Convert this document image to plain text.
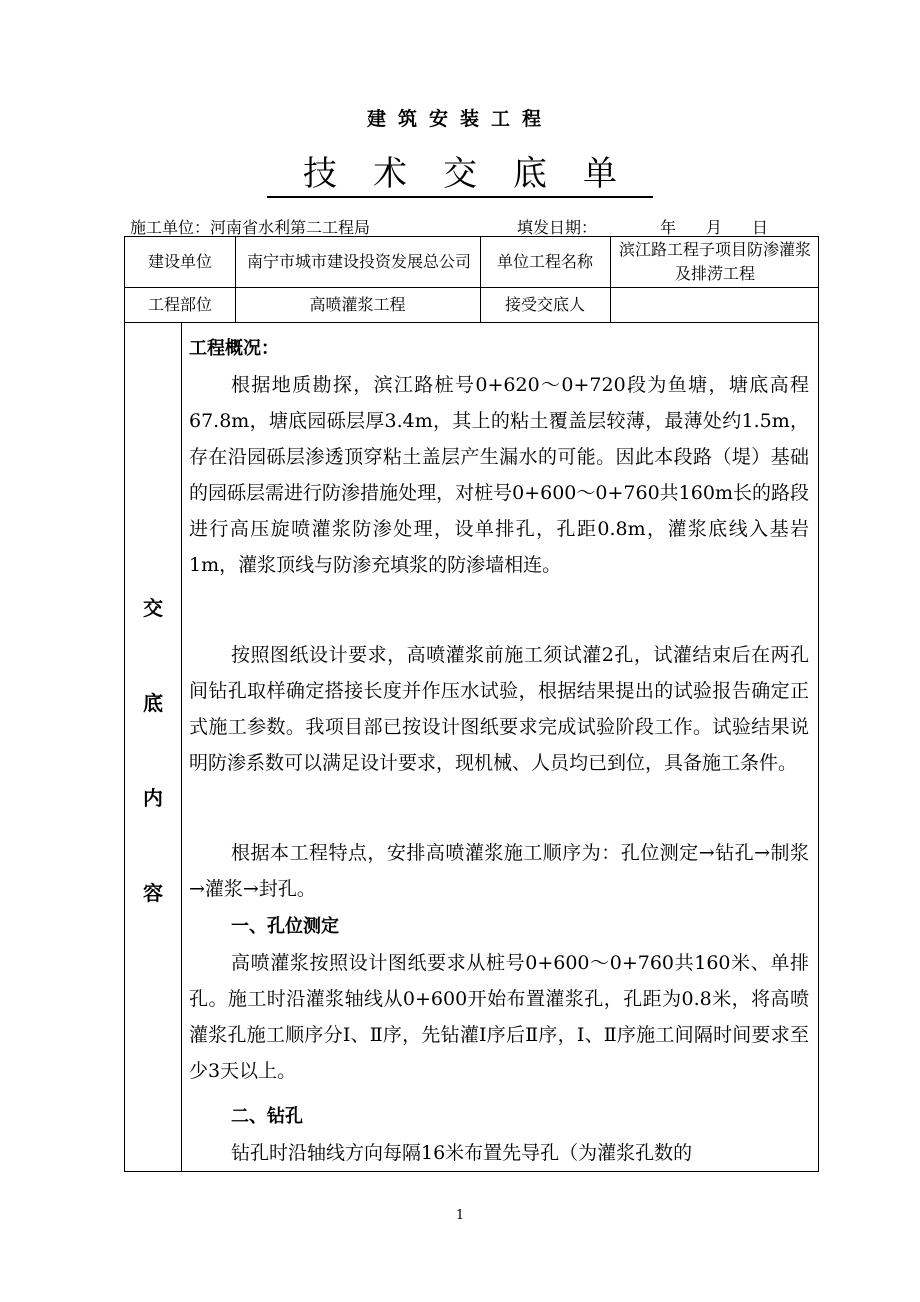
建筑安装工程
技术交底单
施工单位：河南省水利第二工程局	填发日期：	年 月 日
建设单位	南宁市城市建设投资发展总公司	单位工程名称
滨江路工程子项目防渗灌浆及排涝工程
工程部位	高喷灌浆工程	接受交底人
交
底
内
容
工程概况：
根据地质勘探，滨江路桩号0+620～0+720段为鱼塘，塘底高程67.8m，塘底园砾层厚3.4m，其上的粘土覆盖层较薄，最薄处约1.5m，存在沿园砾层渗透顶穿粘土盖层产生漏水的可能。因此本段路（堤）基础的园砾层需进行防渗措施处理，对桩号0+600～0+760共160m长的路段进行高压旋喷灌浆防渗处理，设单排孔，孔距0.8m，灌浆底线入基岩1m，灌浆顶线与防渗充填浆的防渗墙相连。
按照图纸设计要求，高喷灌浆前施工须试灌2孔，试灌结束后在两孔间钻孔取样确定搭接长度并作压水试验，根据结果提出的试验报告确定正式施工参数。我项目部已按设计图纸要求完成试验阶段工作。试验结果说明防渗系数可以满足设计要求，现机械、人员均已到位，具备施工条件。
根据本工程特点，安排高喷灌浆施工顺序为：孔位测定→钻孔→制浆→灌浆→封孔。
一、孔位测定
高喷灌浆按照设计图纸要求从桩号0+600～0+760共160米、单排孔。施工时沿灌浆轴线从0+600开始布置灌浆孔，孔距为0.8米，将高喷灌浆孔施工顺序分Ⅰ、Ⅱ序，先钻灌Ⅰ序后Ⅱ序，Ⅰ、Ⅱ序施工间隔时间要求至少3天以上。
二、钻孔
钻孔时沿轴线方向每隔16米布置先导孔（为灌浆孔数的
1
